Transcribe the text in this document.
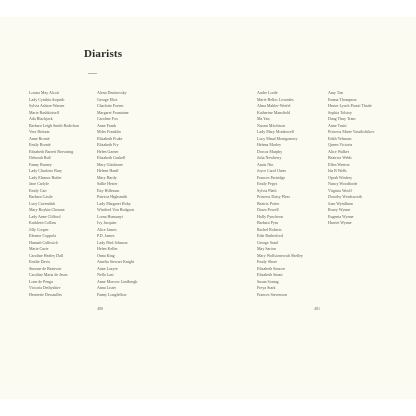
Diarists
Louisa May Alcott
Lady Cynthia Asquith
Sylvia Ashton-Warner
Marie Bashkirtseff
Ada Blackjack
Barbara Leigh Smith Bodichon
Vera Brittain
Anne Brontë
Emily Brontë
Elizabeth Barrett Browning
Deborah Bull
Fanny Burney
Lady Charlotte Bury
Lady Eleanor Butler
Jane Carlyle
Emily Carr
Barbara Castle
Lucy Cavendish
Mary Boykin Chesnut
Lady Anne Clifford
Kathleen Collins
Jilly Cooper
Eleanor Coppola
Hannah Culhwick
Marie Curie
Caroline Healey Dall
Emilie Davis
Simone de Beauvoir
Caroline Maria de Jesus
Lone de Penga
Victoria Dethyshire
Henriette Dessaulles
Alena Dmitrovsky
George Eliot
Charlotte Forten
Margaret Fountaine
Caroline Fox
Anne Frank
Miles Franklin
Elizabeth Fruke
Elizabeth Fry
Helen Garner
Elizabeth Gaskell
Mary Gladstone
Helene Hanff
Mary Hardy
Sallie Hester
Etty Hillesum
Patricia Highsmith
Lady Margaret Hoby
Winifred Von Hodgson
Lorna Hunsanyi
Ivy Jacquier
Alice James
P.D. James
Lady Bird Johnson
Helen Keller
Onna King
Amelia Stewart Knight
Anne Lazyre
Nella Last
Anne Morrow Lindbergh
Anna Lister
Fanny Longfellow
Audre Lorde
Marie Belloc Lowndes
Alma Mahler-Werfel
Katherine Mansfield
Ma Yan
Naomi Mitchison
Lady Mary Monkswell
Lucy Maud Montgomery
Helena Morley
Dorcas Murphy
Julia Newberry
Anaïs Nin
Joyce Carol Oates
Frances Partridge
Emily Pepys
Sylvia Plath
Princess Daisy Pless
Beatrix Potter
Dawn Powell
Holly Pyncheon
Barbara Pym
Rachel Roberts
Edie Rutherford
George Sand
May Sarton
Mary Wollstonecraft Shelley
Emily Shore
Elizabeth Simcoe
Elizabeth Smart
Susan Sontag
Freya Stark
Frances Stevenson
Amy Tan
Emma Thompson
Hester Lynch Piozzi Thrale
Sophia Tolstoy
Dang Thuy Tram
Anne Truitt
Princess Marie Vassiltchikov
Edith Velmans
Queen Victoria
Alice Walker
Beatrice Webb
Ellen Weeton
Ida B Wells
Oprah Winfrey
Nancy Woodforde
Virginia Woolf
Dorothy Wordsworth
Joan Wyndham
Rosey Wynne
Eugenia Wynne
Harriet Wynne
480	481
